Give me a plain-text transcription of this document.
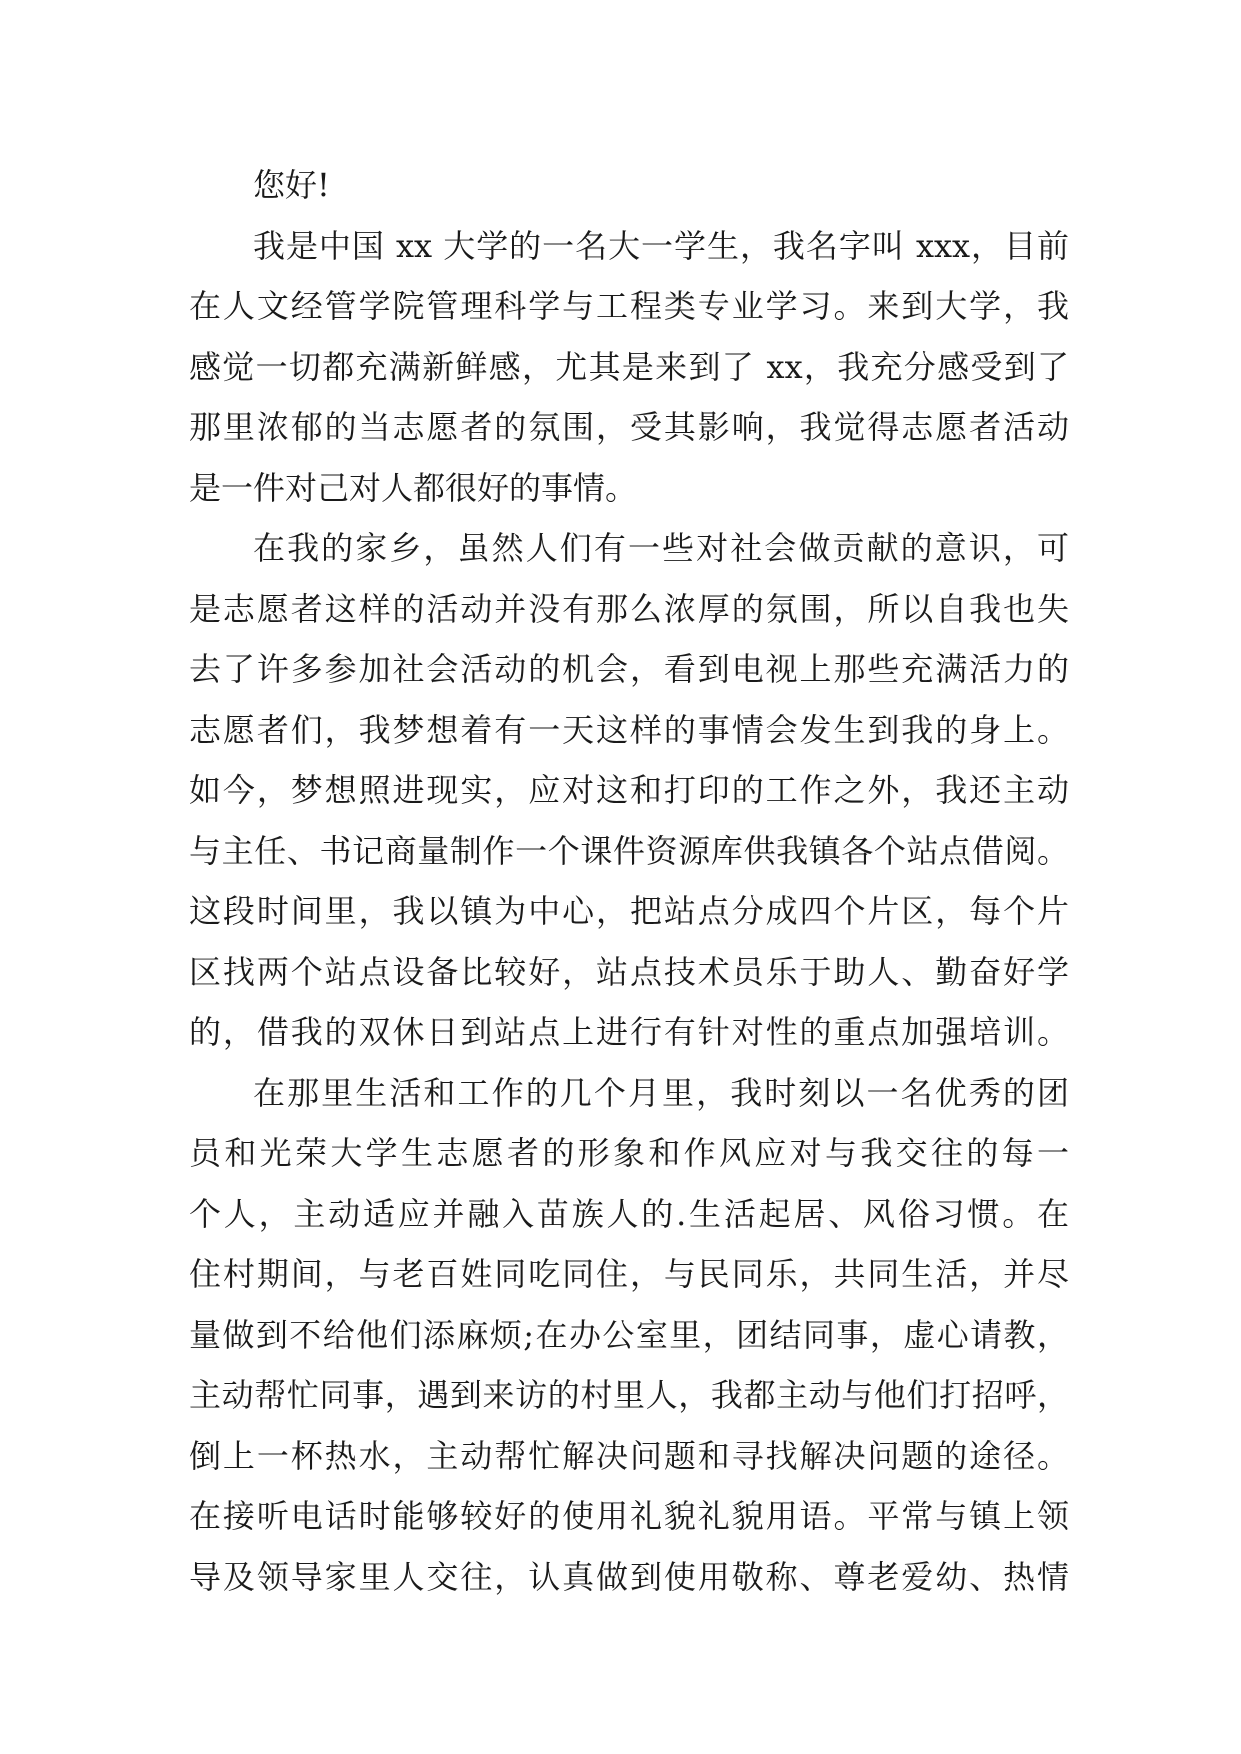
您好!
我是中国 xx 大学的一名大一学生，我名字叫 xxx，目前
在人文经管学院管理科学与工程类专业学习。来到大学，我
感觉一切都充满新鲜感，尤其是来到了 xx，我充分感受到了
那里浓郁的当志愿者的氛围，受其影响，我觉得志愿者活动
是一件对己对人都很好的事情。
在我的家乡，虽然人们有一些对社会做贡献的意识，可
是志愿者这样的活动并没有那么浓厚的氛围，所以自我也失
去了许多参加社会活动的机会，看到电视上那些充满活力的
志愿者们，我梦想着有一天这样的事情会发生到我的身上。
如今，梦想照进现实，应对这和打印的工作之外，我还主动
与主任、书记商量制作一个课件资源库供我镇各个站点借阅。
这段时间里，我以镇为中心，把站点分成四个片区，每个片
区找两个站点设备比较好，站点技术员乐于助人、勤奋好学
的，借我的双休日到站点上进行有针对性的重点加强培训。
在那里生活和工作的几个月里，我时刻以一名优秀的团
员和光荣大学生志愿者的形象和作风应对与我交往的每一
个人，主动适应并融入苗族人的.生活起居、风俗习惯。在
住村期间，与老百姓同吃同住，与民同乐，共同生活，并尽
量做到不给他们添麻烦;在办公室里，团结同事，虚心请教，
主动帮忙同事，遇到来访的村里人，我都主动与他们打招呼，
倒上一杯热水，主动帮忙解决问题和寻找解决问题的途径。
在接听电话时能够较好的使用礼貌礼貌用语。平常与镇上领
导及领导家里人交往，认真做到使用敬称、尊老爱幼、热情
